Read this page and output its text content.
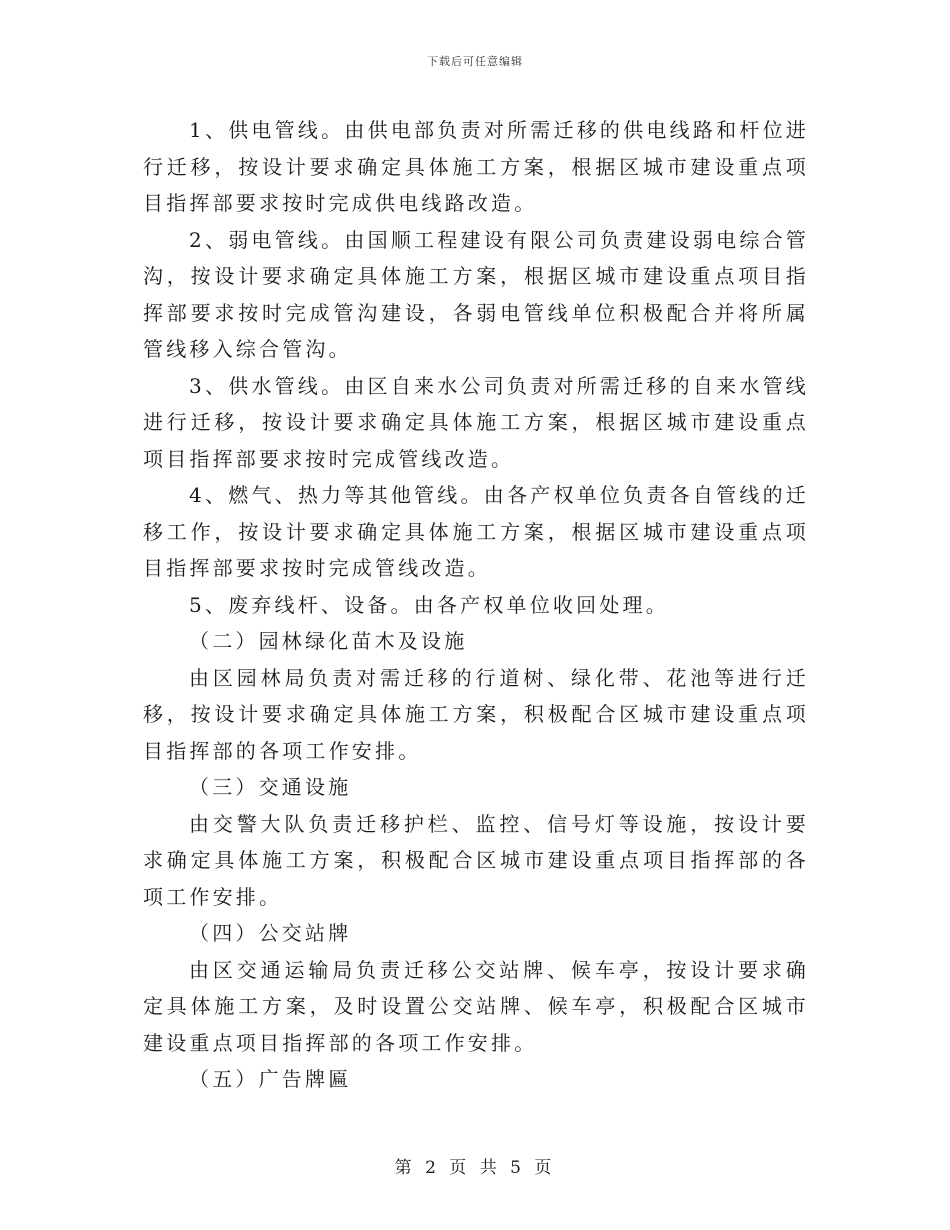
下载后可任意编辑

1、供电管线。由供电部负责对所需迁移的供电线路和杆位进行迁移，按设计要求确定具体施工方案，根据区城市建设重点项目指挥部要求按时完成供电线路改造。

2、弱电管线。由国顺工程建设有限公司负责建设弱电综合管沟，按设计要求确定具体施工方案，根据区城市建设重点项目指挥部要求按时完成管沟建设，各弱电管线单位积极配合并将所属管线移入综合管沟。

3、供水管线。由区自来水公司负责对所需迁移的自来水管线进行迁移，按设计要求确定具体施工方案，根据区城市建设重点项目指挥部要求按时完成管线改造。

4、燃气、热力等其他管线。由各产权单位负责各自管线的迁移工作，按设计要求确定具体施工方案，根据区城市建设重点项目指挥部要求按时完成管线改造。

5、废弃线杆、设备。由各产权单位收回处理。

（二）园林绿化苗木及设施

由区园林局负责对需迁移的行道树、绿化带、花池等进行迁移，按设计要求确定具体施工方案，积极配合区城市建设重点项目指挥部的各项工作安排。

（三）交通设施

由交警大队负责迁移护栏、监控、信号灯等设施，按设计要求确定具体施工方案，积极配合区城市建设重点项目指挥部的各项工作安排。

（四）公交站牌

由区交通运输局负责迁移公交站牌、候车亭，按设计要求确定具体施工方案，及时设置公交站牌、候车亭，积极配合区城市建设重点项目指挥部的各项工作安排。

（五）广告牌匾

第 2 页 共 5 页
